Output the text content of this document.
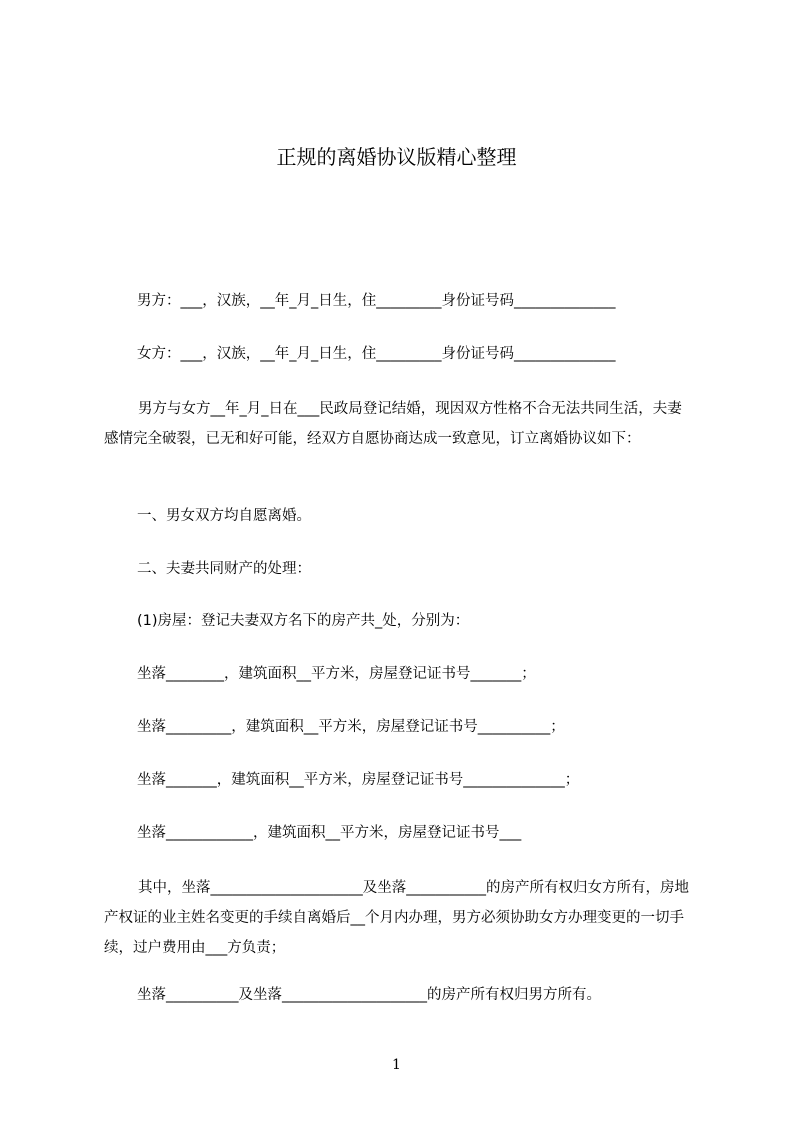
正规的离婚协议版精心整理
男方：___，汉族，__年_月_日生，住_________身份证号码______________
女方：___，汉族，__年_月_日生，住_________身份证号码______________
男方与女方__年_月_日在___民政局登记结婚，现因双方性格不合无法共同生活，夫妻感情完全破裂，已无和好可能，经双方自愿协商达成一致意见，订立离婚协议如下：
一、男女双方均自愿离婚。
二、夫妻共同财产的处理：
(1)房屋：登记夫妻双方名下的房产共_处，分别为：
坐落________，建筑面积__平方米，房屋登记证书号_______；
坐落_________，建筑面积__平方米，房屋登记证书号__________；
坐落_______，建筑面积__平方米，房屋登记证书号______________；
坐落____________，建筑面积__平方米，房屋登记证书号___
其中，坐落_____________________及坐落___________的房产所有权归女方所有，房地产权证的业主姓名变更的手续自离婚后__个月内办理，男方必须协助女方办理变更的一切手续，过户费用由___方负责；
坐落__________及坐落____________________的房产所有权归男方所有。
1
